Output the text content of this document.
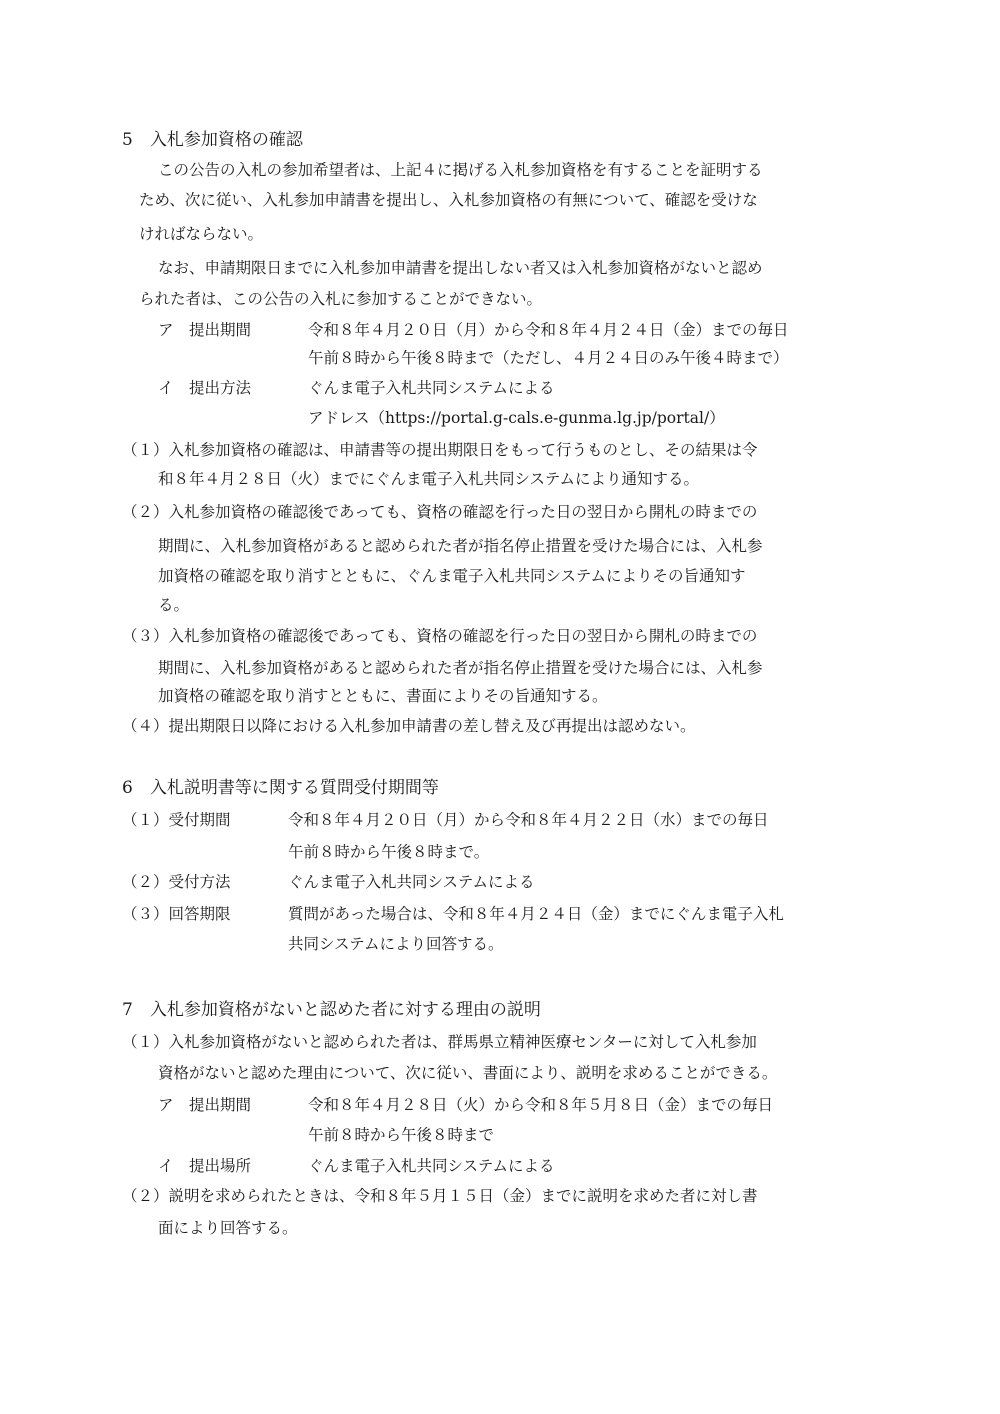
5　入札参加資格の確認
この公告の入札の参加希望者は、上記４に掲げる入札参加資格を有することを証明する
ため、次に従い、入札参加申請書を提出し、入札参加資格の有無について、確認を受けな
ければならない。
なお、申請期限日までに入札参加申請書を提出しない者又は入札参加資格がないと認め
られた者は、この公告の入札に参加することができない。
ア　提出期間	令和８年４月２０日（月）から令和８年４月２４日（金）までの毎日
午前８時から午後８時まで（ただし、４月２４日のみ午後４時まで）
イ　提出方法	ぐんま電子入札共同システムによる
アドレス（https://portal.g-cals.e-gunma.lg.jp/portal/）
（１）入札参加資格の確認は、申請書等の提出期限日をもって行うものとし、その結果は令
和８年４月２８日（火）までにぐんま電子入札共同システムにより通知する。
（２）入札参加資格の確認後であっても、資格の確認を行った日の翌日から開札の時までの
期間に、入札参加資格があると認められた者が指名停止措置を受けた場合には、入札参
加資格の確認を取り消すとともに、ぐんま電子入札共同システムによりその旨通知す
る。
（３）入札参加資格の確認後であっても、資格の確認を行った日の翌日から開札の時までの
期間に、入札参加資格があると認められた者が指名停止措置を受けた場合には、入札参
加資格の確認を取り消すとともに、書面によりその旨通知する。
（４）提出期限日以降における入札参加申請書の差し替え及び再提出は認めない。
6　入札説明書等に関する質問受付期間等
（１）受付期間	令和８年４月２０日（月）から令和８年４月２２日（水）までの毎日
午前８時から午後８時まで。
（２）受付方法	ぐんま電子入札共同システムによる
（３）回答期限	質問があった場合は、令和８年４月２４日（金）までにぐんま電子入札
共同システムにより回答する。
7　入札参加資格がないと認めた者に対する理由の説明
（１）入札参加資格がないと認められた者は、群馬県立精神医療センターに対して入札参加
資格がないと認めた理由について、次に従い、書面により、説明を求めることができる。
ア　提出期間	令和８年４月２８日（火）から令和８年５月８日（金）までの毎日
午前８時から午後８時まで
イ　提出場所	ぐんま電子入札共同システムによる
（２）説明を求められたときは、令和８年５月１５日（金）までに説明を求めた者に対し書
面により回答する。
